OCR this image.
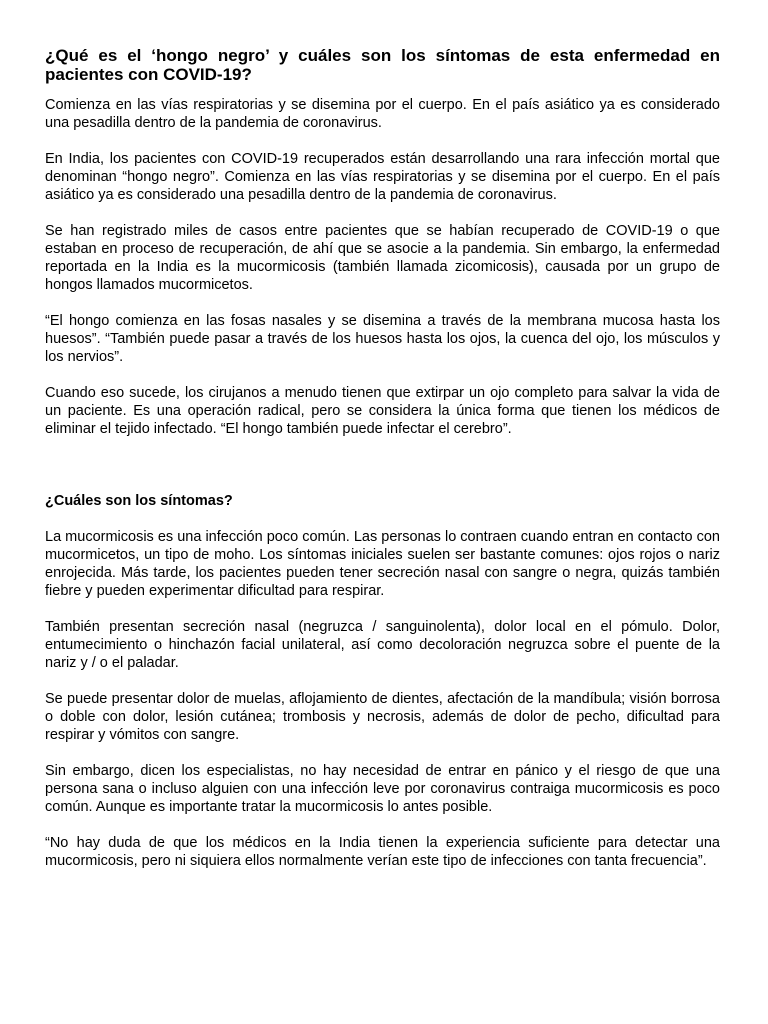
¿Qué es el ‘hongo negro’ y cuáles son los síntomas de esta enfermedad en pacientes con COVID-19?

Comienza en las vías respiratorias y se disemina por el cuerpo. En el país asiático ya es considerado una pesadilla dentro de la pandemia de coronavirus.

En India, los pacientes con COVID-19 recuperados están desarrollando una rara infección mortal que denominan “hongo negro”. Comienza en las vías respiratorias y se disemina por el cuerpo. En el país asiático ya es considerado una pesadilla dentro de la pandemia de coronavirus.

Se han registrado miles de casos entre pacientes que se habían recuperado de COVID-19 o que estaban en proceso de recuperación, de ahí que se asocie a la pandemia. Sin embargo, la enfermedad reportada en la India es la mucormicosis (también llamada zicomicosis), causada por un grupo de hongos llamados mucormicetos.

“El hongo comienza en las fosas nasales y se disemina a través de la membrana mucosa hasta los huesos”. “También puede pasar a través de los huesos hasta los ojos, la cuenca del ojo, los músculos y los nervios”.

Cuando eso sucede, los cirujanos a menudo tienen que extirpar un ojo completo para salvar la vida de un paciente. Es una operación radical, pero se considera la única forma que tienen los médicos de eliminar el tejido infectado. “El hongo también puede infectar el cerebro”.

¿Cuáles son los síntomas?

La mucormicosis es una infección poco común. Las personas lo contraen cuando entran en contacto con mucormicetos, un tipo de moho. Los síntomas iniciales suelen ser bastante comunes: ojos rojos o nariz enrojecida. Más tarde, los pacientes pueden tener secreción nasal con sangre o negra, quizás también fiebre y pueden experimentar dificultad para respirar.

También presentan secreción nasal (negruzca / sanguinolenta), dolor local en el pómulo. Dolor, entumecimiento o hinchazón facial unilateral, así como decoloración negruzca sobre el puente de la nariz y / o el paladar.

Se puede presentar dolor de muelas, aflojamiento de dientes, afectación de la mandíbula; visión borrosa o doble con dolor, lesión cutánea; trombosis y necrosis, además de dolor de pecho, dificultad para respirar y vómitos con sangre.

Sin embargo, dicen los especialistas, no hay necesidad de entrar en pánico y el riesgo de que una persona sana o incluso alguien con una infección leve por coronavirus contraiga mucormicosis es poco común. Aunque es importante tratar la mucormicosis lo antes posible.

“No hay duda de que los médicos en la India tienen la experiencia suficiente para detectar una mucormicosis, pero ni siquiera ellos normalmente verían este tipo de infecciones con tanta frecuencia”.
